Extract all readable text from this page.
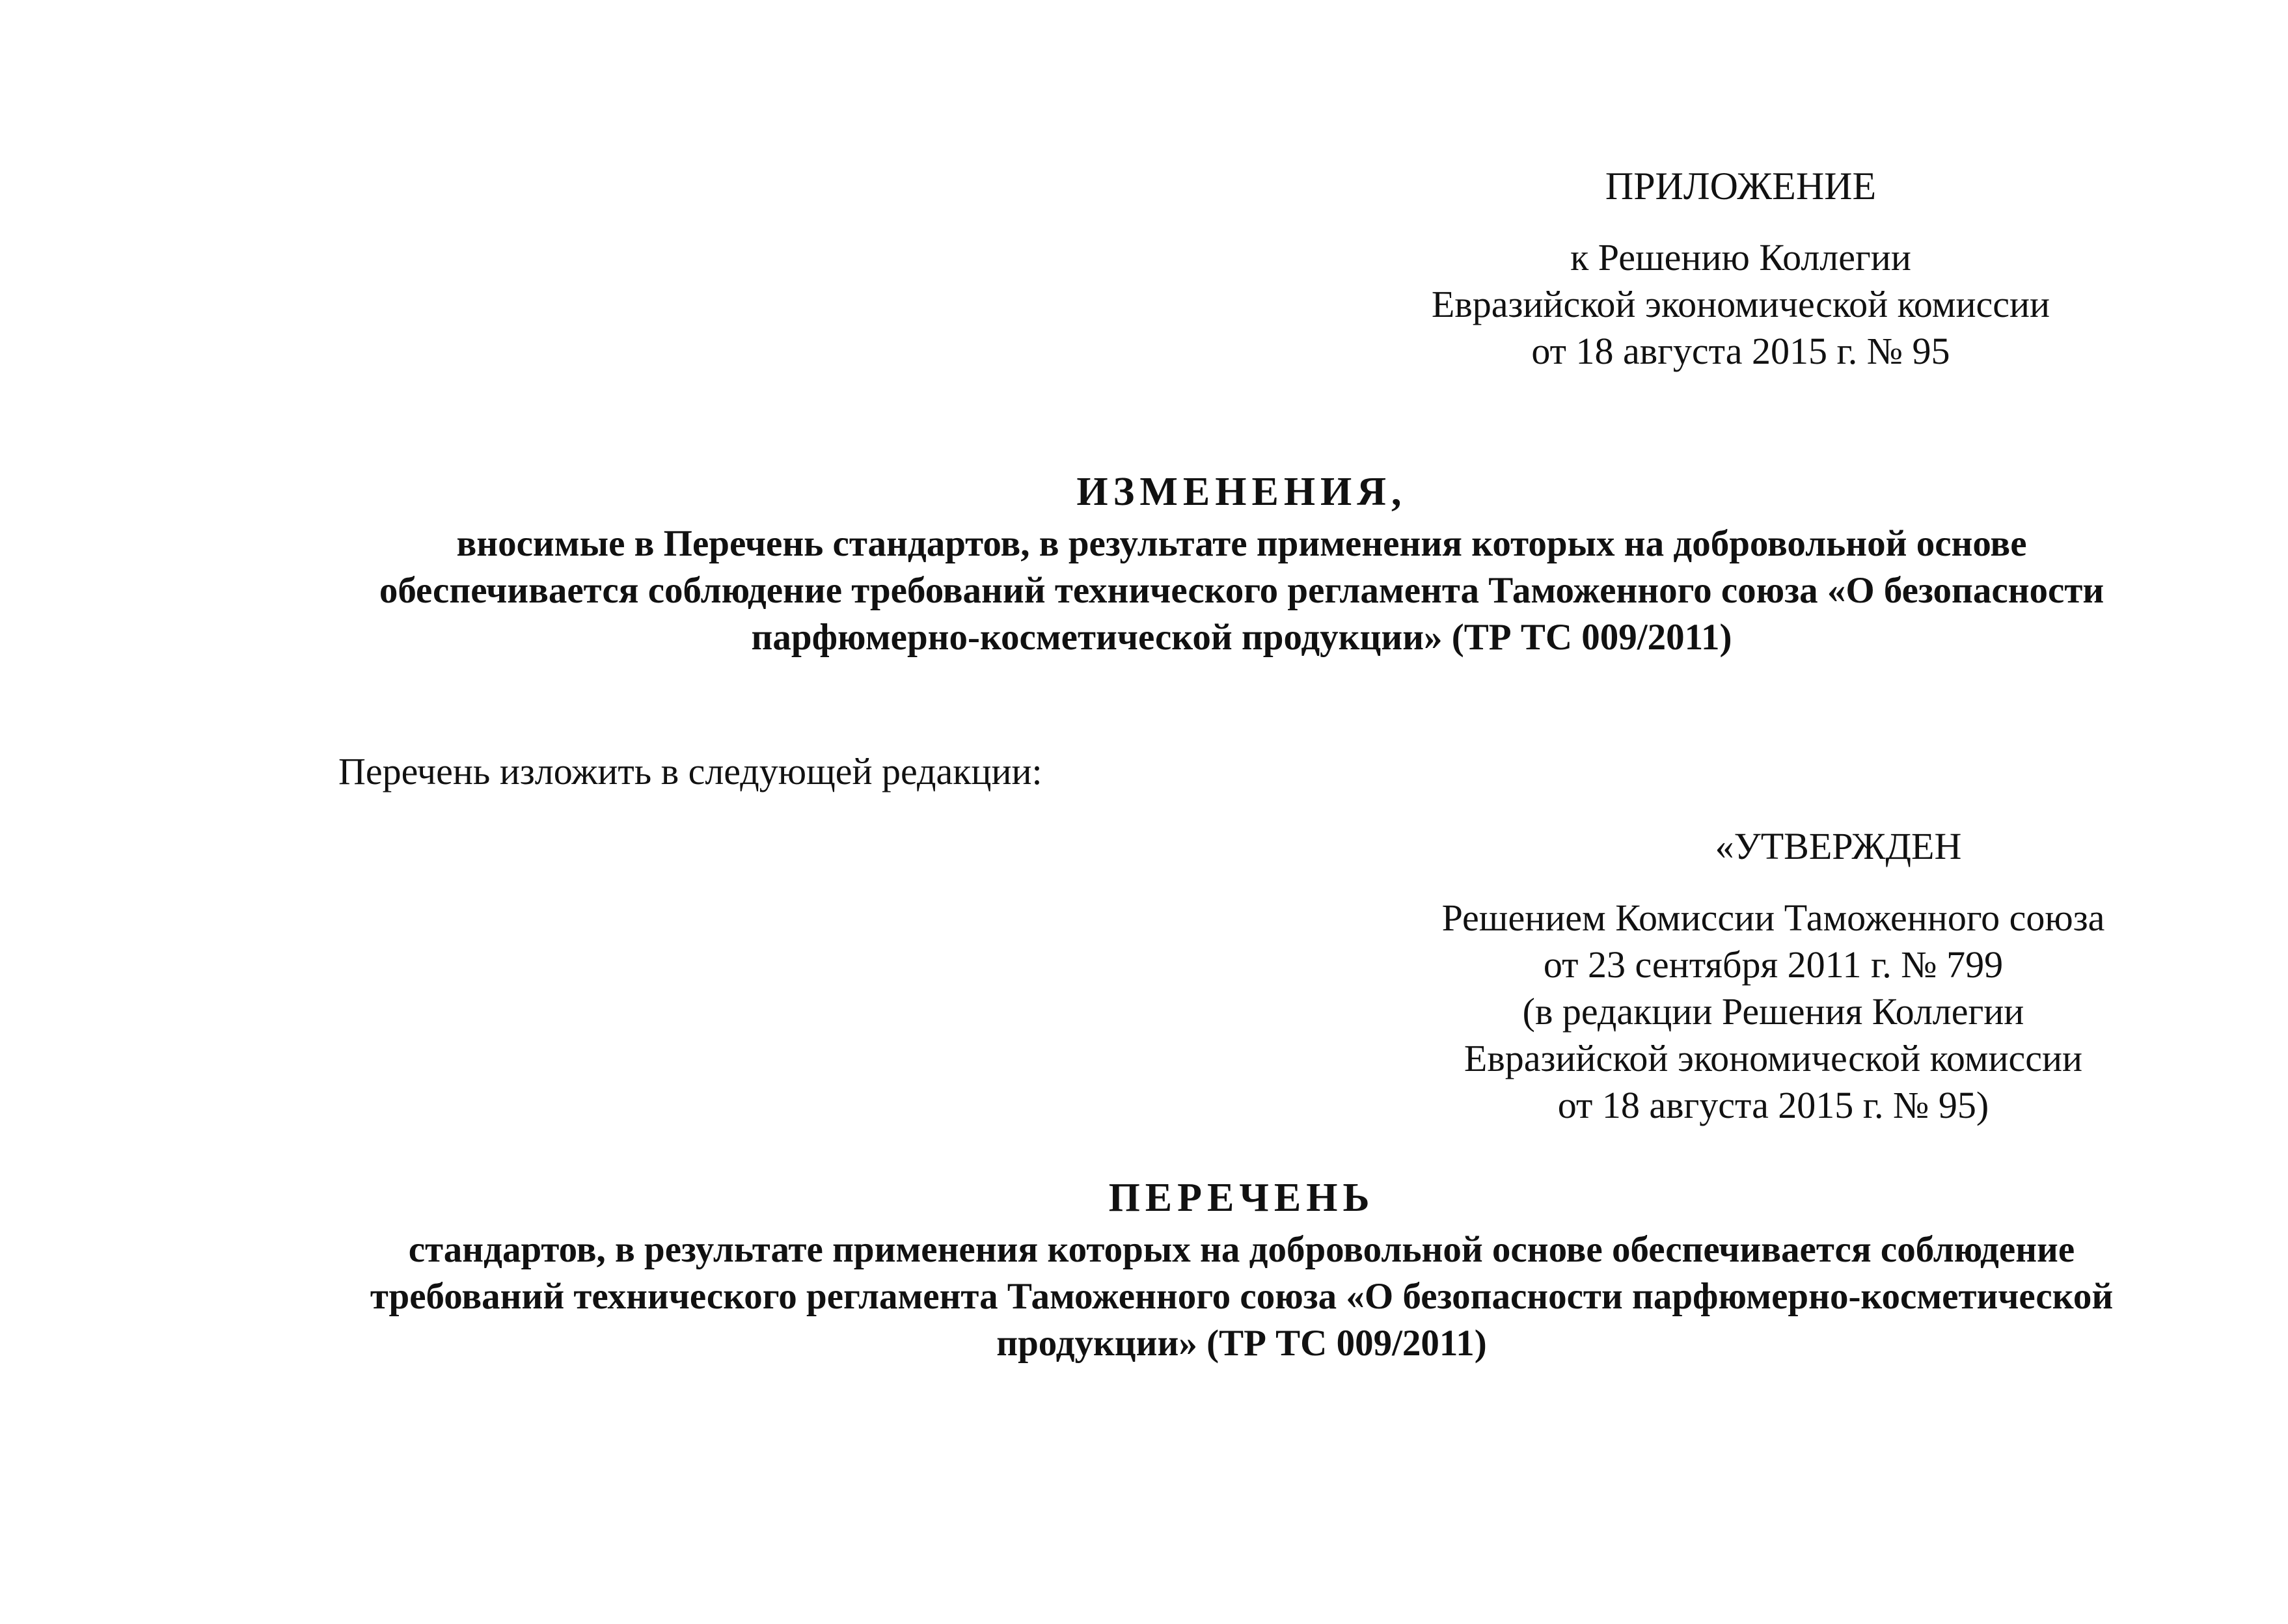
ПРИЛОЖЕНИЕ
к Решению Коллегии
Евразийской экономической комиссии
от 18 августа 2015 г. № 95
ИЗМЕНЕНИЯ,
вносимые в Перечень стандартов, в результате применения которых на добровольной основе
обеспечивается соблюдение требований технического регламента Таможенного союза «О безопасности
парфюмерно-косметической продукции» (ТР ТС 009/2011)
Перечень изложить в следующей редакции:
«УТВЕРЖДЕН
Решением Комиссии Таможенного союза
от 23 сентября 2011 г. № 799
(в редакции Решения Коллегии
Евразийской экономической комиссии
от 18 августа 2015 г. № 95)
ПЕРЕЧЕНЬ
стандартов, в результате применения которых на добровольной основе обеспечивается соблюдение
требований технического регламента Таможенного союза «О безопасности парфюмерно-косметической
продукции» (ТР ТС 009/2011)
